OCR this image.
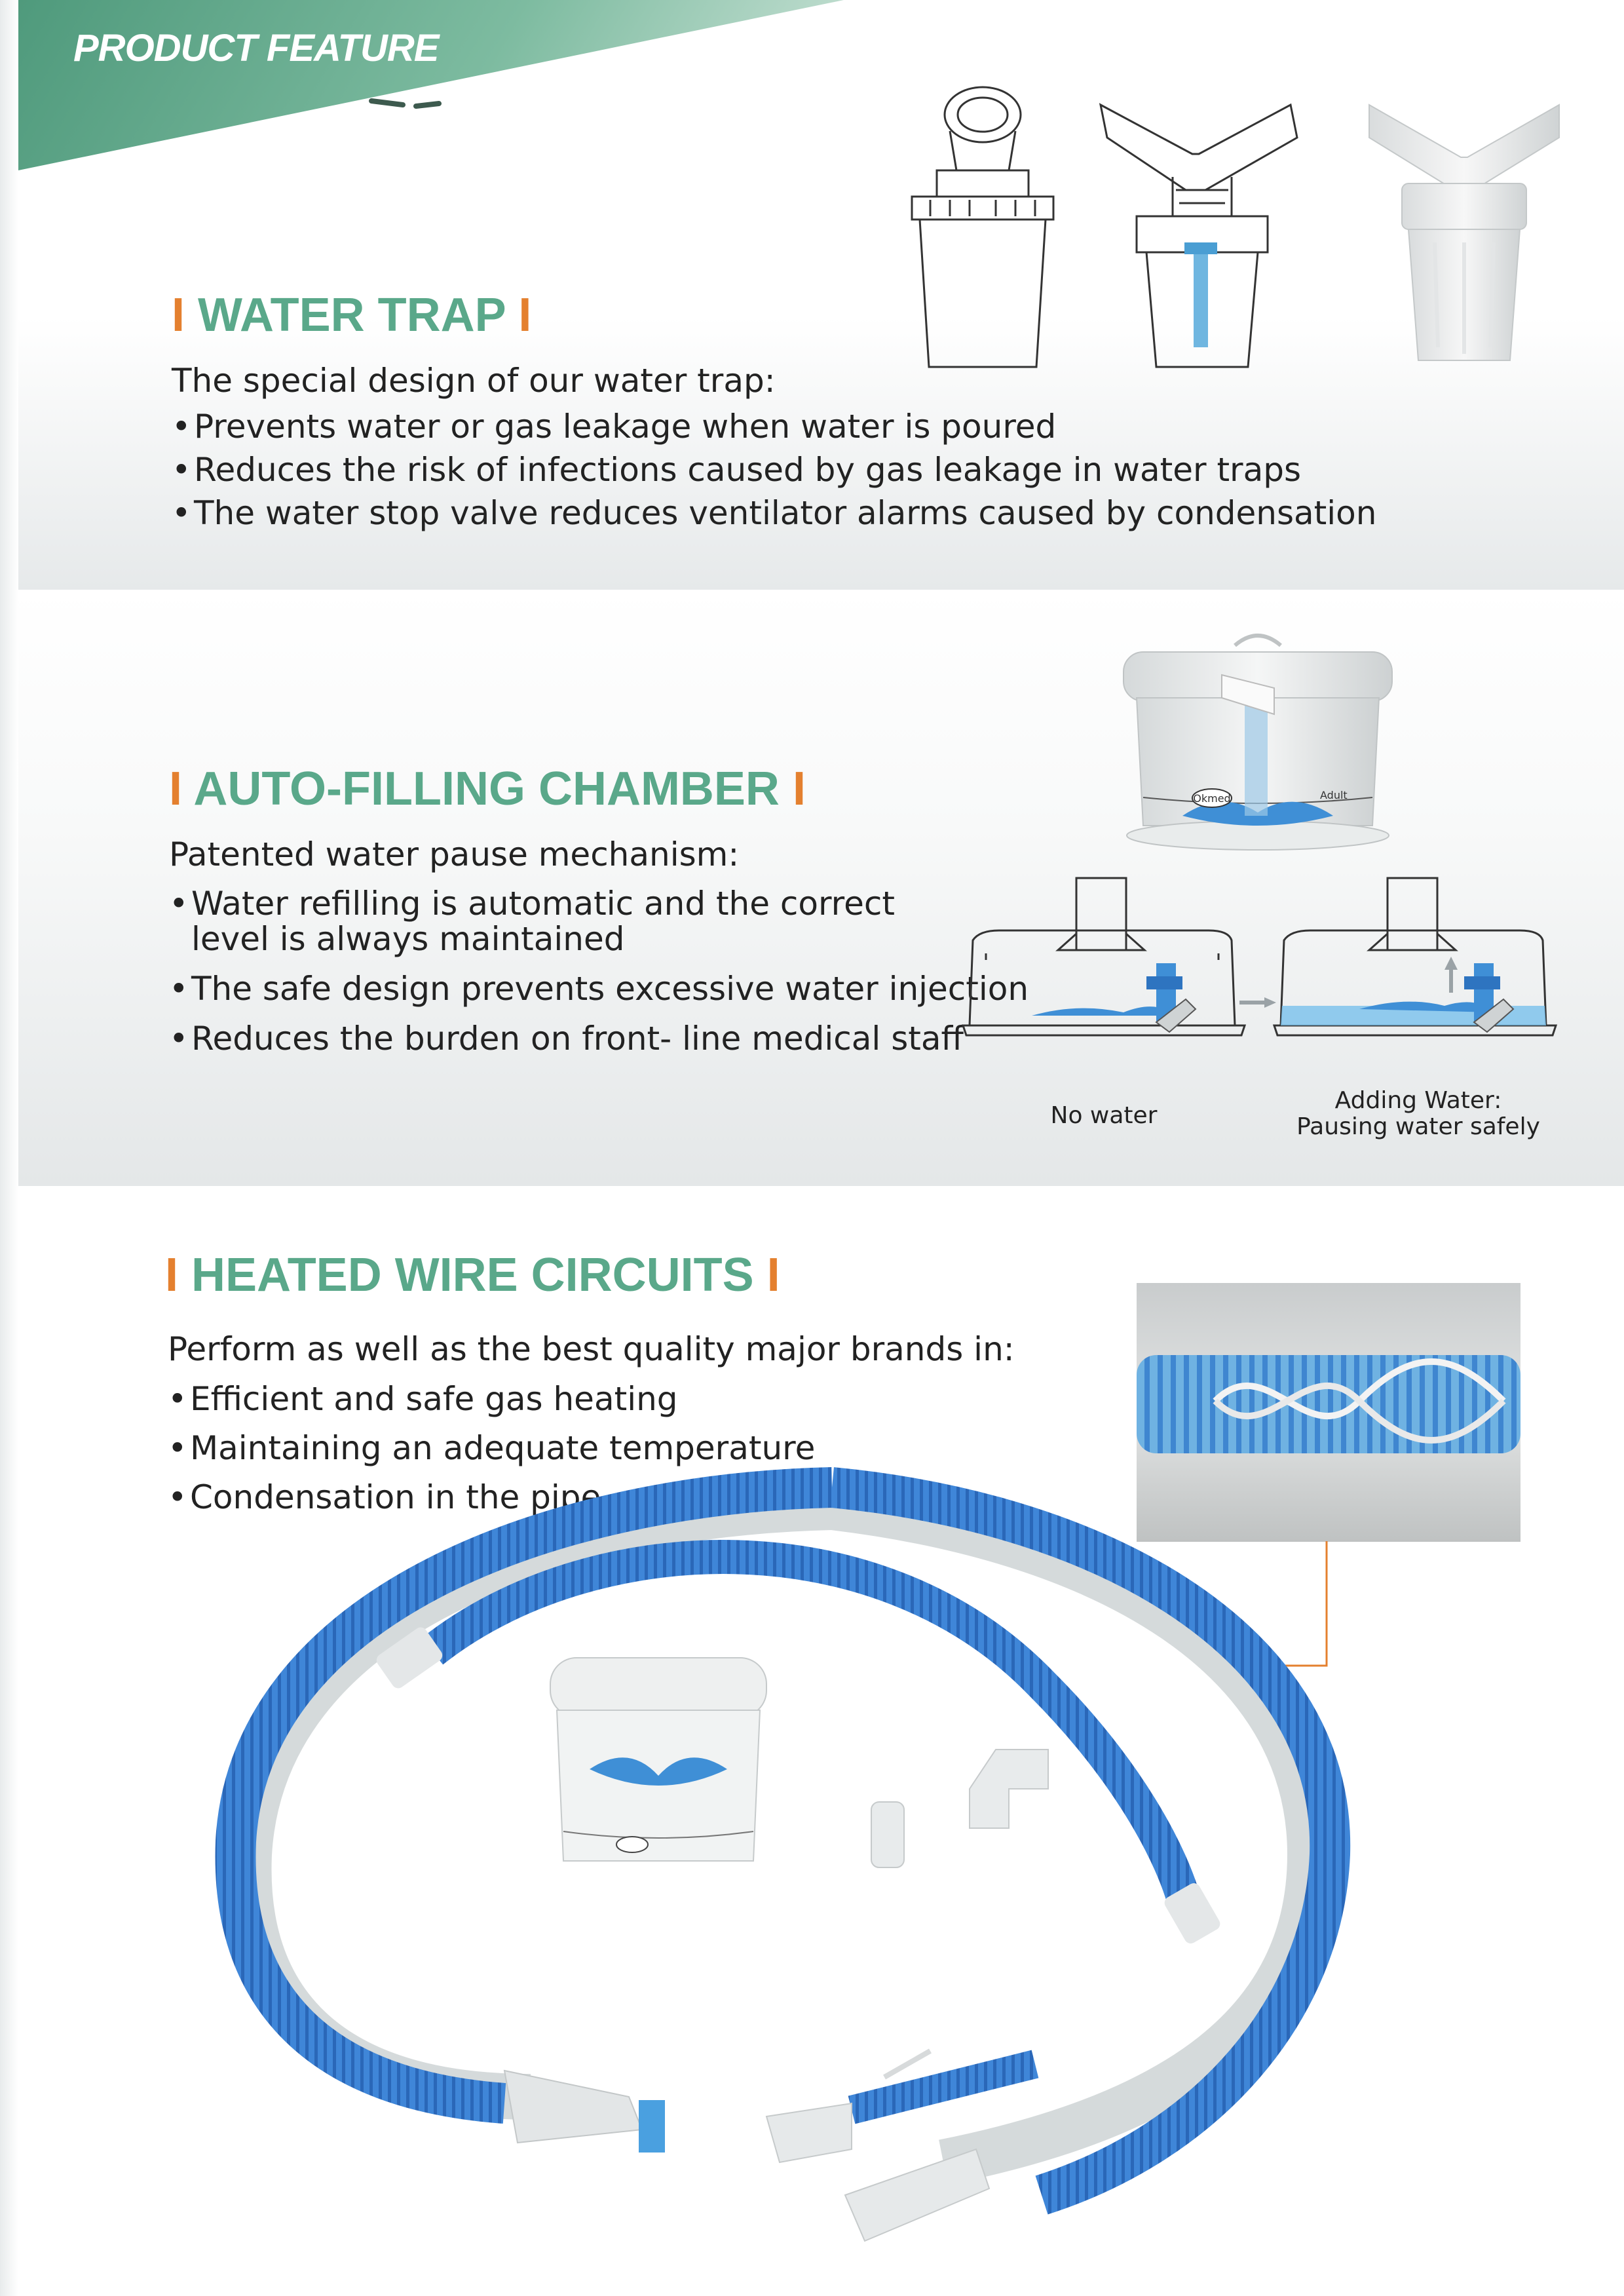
PRODUCT FEATURE
I WATER TRAP I
The special design of our water trap:
• Prevents water or gas leakage when water is poured
• Reduces the risk of infections caused by gas leakage in water traps
• The water stop valve reduces ventilator alarms caused by condensation
I AUTO-FILLING CHAMBER I
Patented water pause mechanism:
• Water refilling is automatic and the correct level is always maintained
• The safe design prevents excessive water injection
• Reduces the burden on front- line medical staff
Okmed	Adult
No water
Adding Water:
Pausing water safely
I HEATED WIRE CIRCUITS I
Perform as well as the best quality major brands in:
• Efficient and safe gas heating
• Maintaining an adequate temperature
• Condensation in the pipe
